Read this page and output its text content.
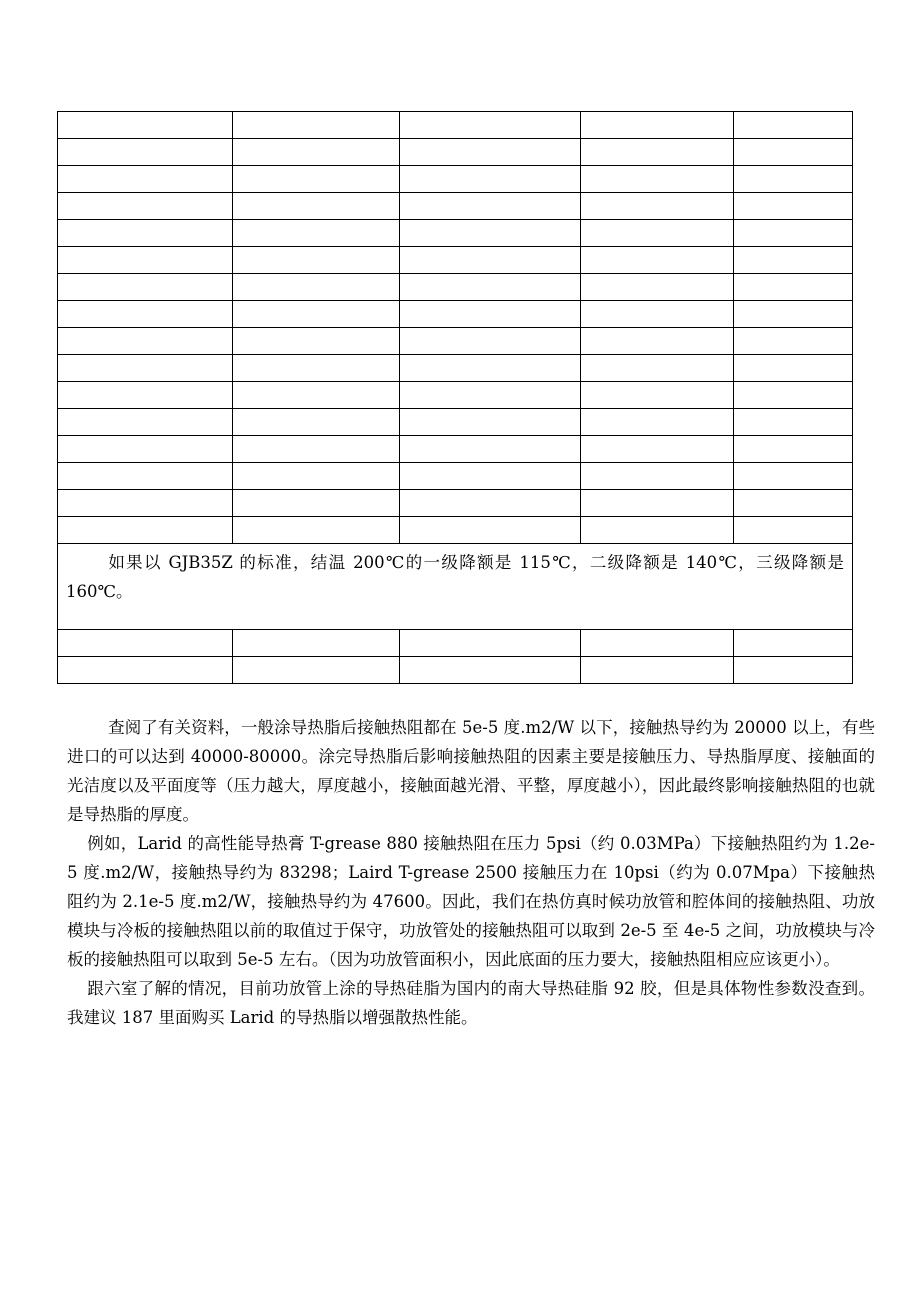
如果以 GJB35Z 的标准，结温 200℃的一级降额是 115℃，二级降额是 140℃，三级降额是 160℃。				

查阅了有关资料，一般涂导热脂后接触热阻都在 5e-5 度.m2/W 以下，接触热导约为 20000 以上，有些进口的可以达到 40000-80000。涂完导热脂后影响接触热阻的因素主要是接触压力、导热脂厚度、接触面的光洁度以及平面度等（压力越大，厚度越小，接触面越光滑、平整，厚度越小），因此最终影响接触热阻的也就是导热脂的厚度。

例如，Larid 的高性能导热膏 T-grease 880 接触热阻在压力 5psi（约 0.03MPa）下接触热阻约为 1.2e-5 度.m2/W，接触热导约为 83298；Laird T-grease 2500 接触压力在 10psi（约为 0.07Mpa）下接触热阻约为 2.1e-5 度.m2/W，接触热导约为 47600。因此，我们在热仿真时候功放管和腔体间的接触热阻、功放模块与冷板的接触热阻以前的取值过于保守，功放管处的接触热阻可以取到 2e-5 至 4e-5 之间，功放模块与冷板的接触热阻可以取到 5e-5 左右。（因为功放管面积小，因此底面的压力要大，接触热阻相应应该更小）。

跟六室了解的情况，目前功放管上涂的导热硅脂为国内的南大导热硅脂 92 胶，但是具体物性参数没查到。我建议 187 里面购买 Larid 的导热脂以增强散热性能。
